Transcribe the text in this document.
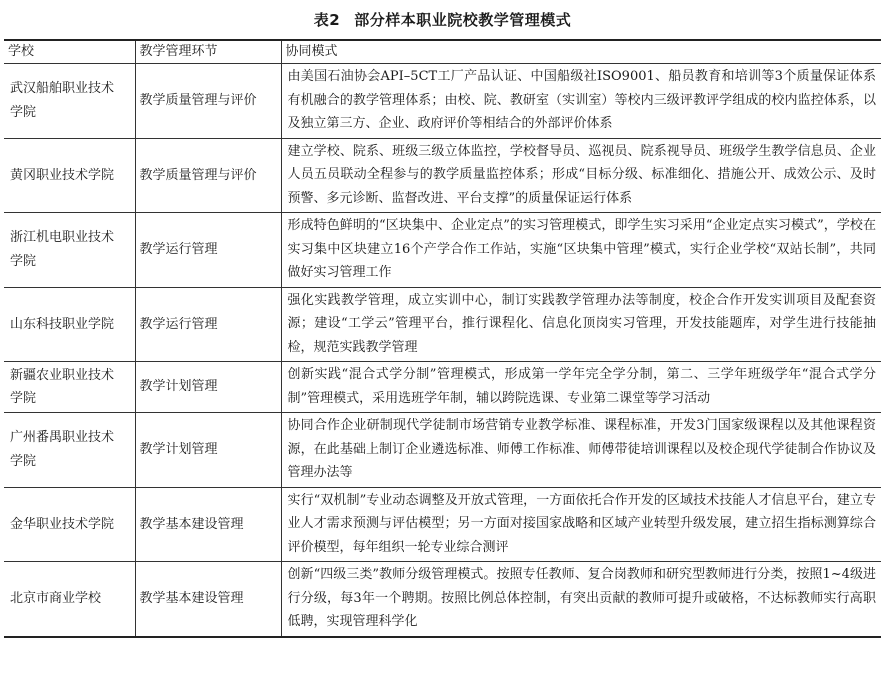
表2 部分样本职业院校教学管理模式
学校	教学管理环节	协同模式
武汉船舶职业技术学院	教学质量管理与评价	由美国石油协会API–5CT工厂产品认证、中国船级社ISO9001、船员教育和培训等3个质量保证体系有机融合的教学管理体系；由校、院、教研室（实训室）等校内三级评教评学组成的校内监控体系，以及独立第三方、企业、政府评价等相结合的外部评价体系
黄冈职业技术学院	教学质量管理与评价	建立学校、院系、班级三级立体监控，学校督导员、巡视员、院系视导员、班级学生教学信息员、企业人员五员联动全程参与的教学质量监控体系；形成“目标分级、标准细化、措施公开、成效公示、及时预警、多元诊断、监督改进、平台支撑”的质量保证运行体系
浙江机电职业技术学院	教学运行管理	形成特色鲜明的“区块集中、企业定点”的实习管理模式，即学生实习采用“企业定点实习模式”，学校在实习集中区块建立16个产学合作工作站，实施“区块集中管理”模式，实行企业学校“双站长制”，共同做好实习管理工作
山东科技职业学院	教学运行管理	强化实践教学管理，成立实训中心，制订实践教学管理办法等制度，校企合作开发实训项目及配套资源；建设“工学云”管理平台，推行课程化、信息化顶岗实习管理，开发技能题库，对学生进行技能抽检，规范实践教学管理
新疆农业职业技术学院	教学计划管理	创新实践“混合式学分制”管理模式，形成第一学年完全学分制，第二、三学年班级学年“混合式学分制”管理模式，采用选班学年制，辅以跨院选课、专业第二课堂等学习活动
广州番禺职业技术学院	教学计划管理	协同合作企业研制现代学徒制市场营销专业教学标准、课程标准，开发3门国家级课程以及其他课程资源，在此基础上制订企业遴选标准、师傅工作标准、师傅带徒培训课程以及校企现代学徒制合作协议及管理办法等
金华职业技术学院	教学基本建设管理	实行“双机制”专业动态调整及开放式管理，一方面依托合作开发的区域技术技能人才信息平台，建立专业人才需求预测与评估模型；另一方面对接国家战略和区域产业转型升级发展，建立招生指标测算综合评价模型，每年组织一轮专业综合测评
北京市商业学校	教学基本建设管理	创新“四级三类”教师分级管理模式。按照专任教师、复合岗教师和研究型教师进行分类，按照1~4级进行分级，每3年一个聘期。按照比例总体控制，有突出贡献的教师可提升或破格，不达标教师实行高职低聘，实现管理科学化
